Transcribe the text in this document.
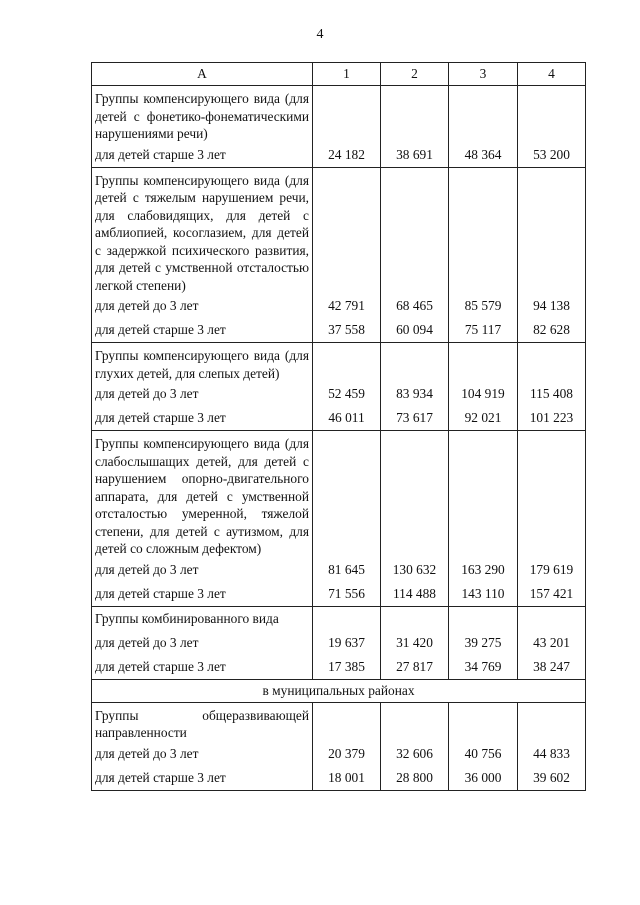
4
А	1	2	3	4
Группы компенсирующего вида (для детей с фонетико-фонематическими нарушениями речи)				
для детей старше 3 лет	24 182	38 691	48 364	53 200
Группы компенсирующего вида (для детей с тяжелым нарушением речи, для слабовидящих, для детей с амблиопией, косоглазием, для детей с задержкой психического развития, для детей с умственной отсталостью легкой степени)				
для детей до 3 лет	42 791	68 465	85 579	94 138
для детей старше 3 лет	37 558	60 094	75 117	82 628
Группы компенсирующего вида (для глухих детей, для слепых детей)				
для детей до 3 лет	52 459	83 934	104 919	115 408
для детей старше 3 лет	46 011	73 617	92 021	101 223
Группы компенсирующего вида (для слабослышащих детей, для детей с нарушением опорно-двигательного аппарата, для детей с умственной отсталостью умеренной, тяжелой степени, для детей с аутизмом, для детей со сложным дефектом)				
для детей до 3 лет	81 645	130 632	163 290	179 619
для детей старше 3 лет	71 556	114 488	143 110	157 421
Группы комбинированного вида				
для детей до 3 лет	19 637	31 420	39 275	43 201
для детей старше 3 лет	17 385	27 817	34 769	38 247
в муниципальных районах				
Группы общеразвивающей направленности				
для детей до 3 лет	20 379	32 606	40 756	44 833
для детей старше 3 лет	18 001	28 800	36 000	39 602
